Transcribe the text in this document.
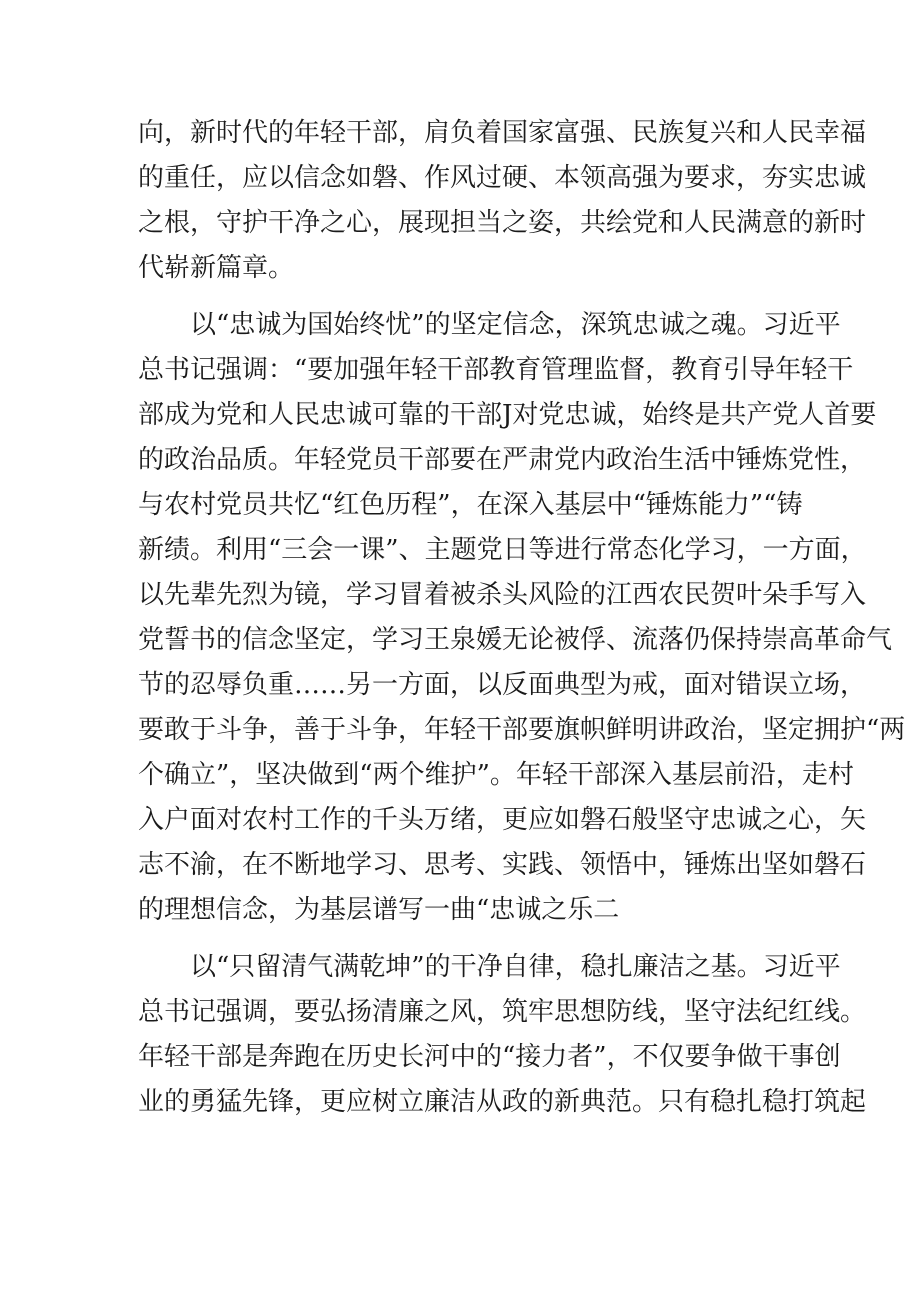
向，新时代的年轻干部，肩负着国家富强、民族复兴和人民幸福
的重任，应以信念如磐、作风过硬、本领高强为要求，夯实忠诚
之根，守护干净之心，展现担当之姿，共绘党和人民满意的新时
代崭新篇章。
以“忠诚为国始终忧”的坚定信念，深筑忠诚之魂。习近平
总书记强调：“要加强年轻干部教育管理监督，教育引导年轻干
部成为党和人民忠诚可靠的干部J对党忠诚，始终是共产党人首要
的政治品质。年轻党员干部要在严肃党内政治生活中锤炼党性，
与农村党员共忆“红色历程”，在深入基层中“锤炼能力”“铸
新绩。利用“三会一课”、主题党日等进行常态化学习，一方面，
以先辈先烈为镜，学习冒着被杀头风险的江西农民贺叶朵手写入
党誓书的信念坚定，学习王泉媛无论被俘、流落仍保持崇高革命气
节的忍辱负重……另一方面，以反面典型为戒，面对错误立场，
要敢于斗争，善于斗争，年轻干部要旗帜鲜明讲政治，坚定拥护“两
个确立”，坚决做到“两个维护”。年轻干部深入基层前沿，走村
入户面对农村工作的千头万绪，更应如磐石般坚守忠诚之心，矢
志不渝，在不断地学习、思考、实践、领悟中，锤炼出坚如磐石
的理想信念，为基层谱写一曲“忠诚之乐二
以“只留清气满乾坤”的干净自律，稳扎廉洁之基。习近平
总书记强调，要弘扬清廉之风，筑牢思想防线，坚守法纪红线。
年轻干部是奔跑在历史长河中的“接力者”，不仅要争做干事创
业的勇猛先锋，更应树立廉洁从政的新典范。只有稳扎稳打筑起
